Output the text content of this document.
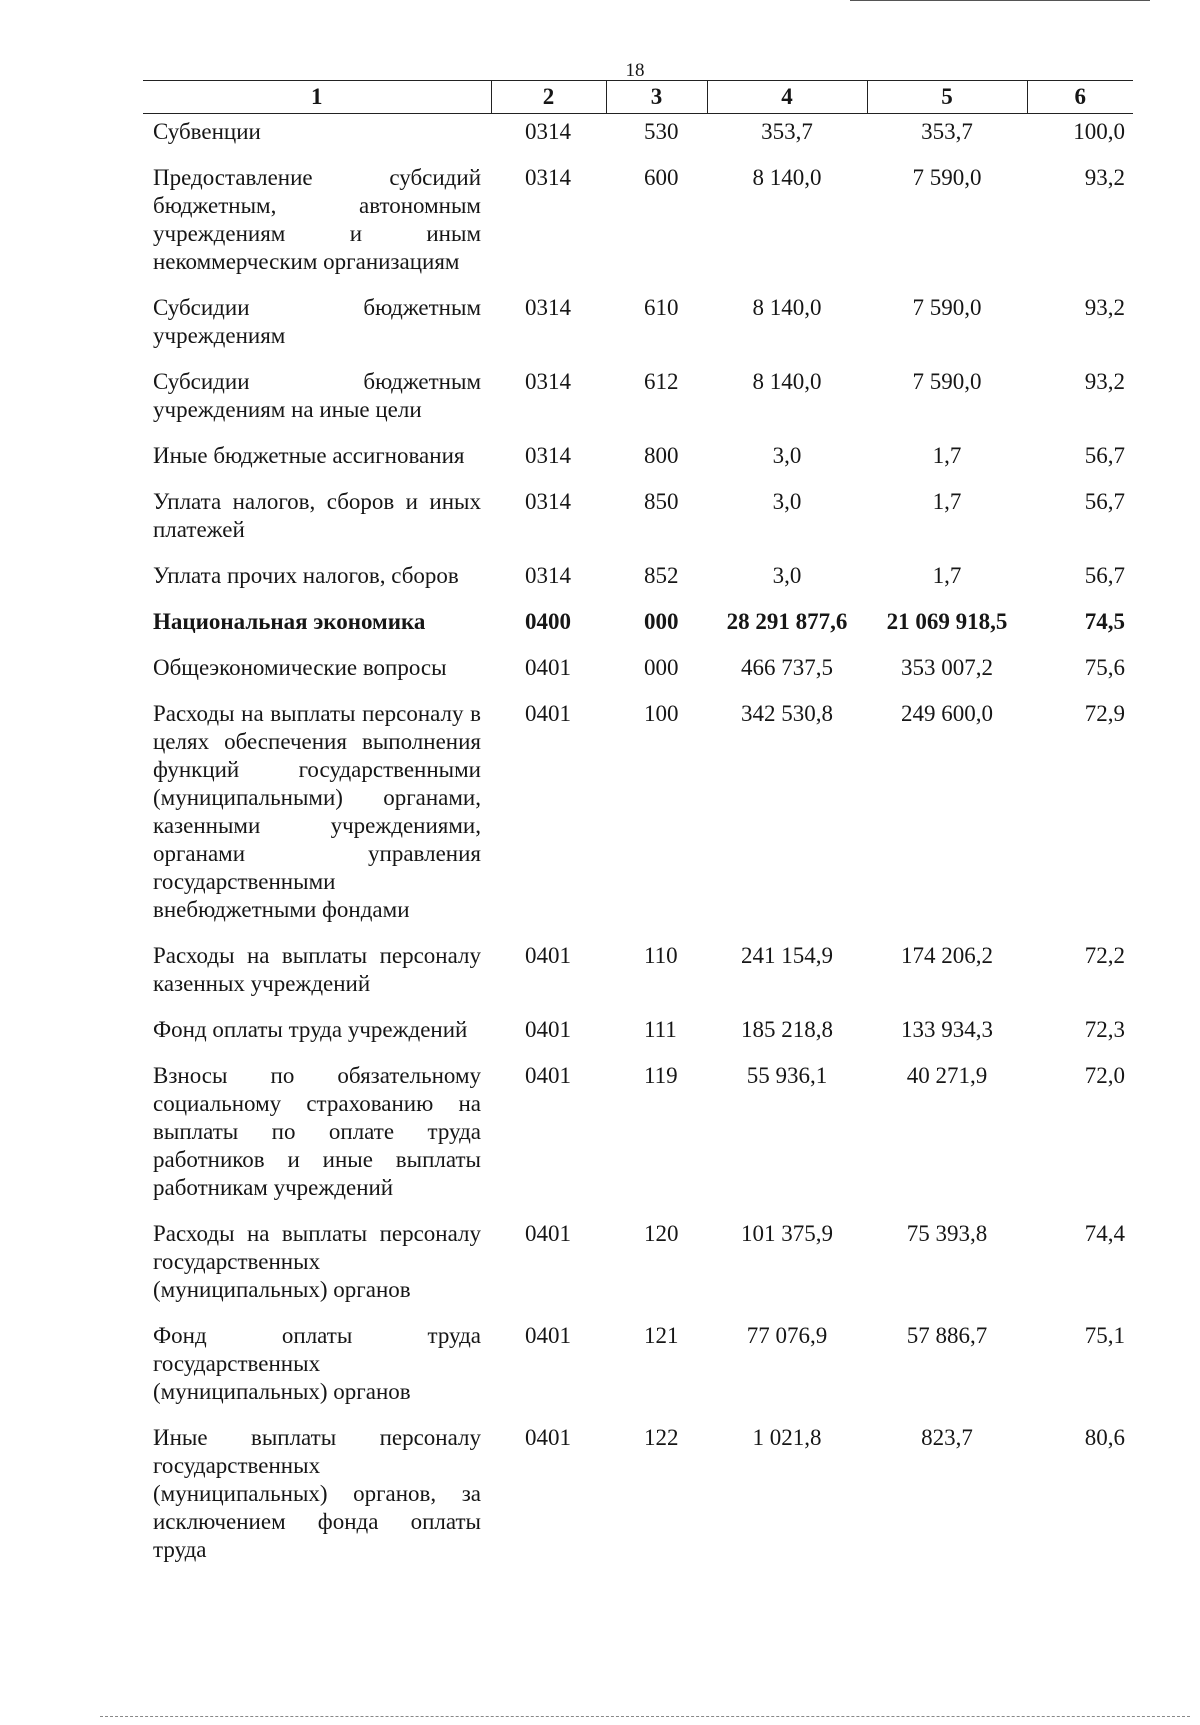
18
1	2	3	4	5	6
Субвенции	0314	530	353,7	353,7	100,0
Предоставление субсидий бюджетным, автономным учреждениям и иным некоммерческим организациям	0314	600	8 140,0	7 590,0	93,2
Субсидии бюджетным учреждениям	0314	610	8 140,0	7 590,0	93,2
Субсидии бюджетным учреждениям на иные цели	0314	612	8 140,0	7 590,0	93,2
Иные бюджетные ассигнования	0314	800	3,0	1,7	56,7
Уплата налогов, сборов и иных платежей	0314	850	3,0	1,7	56,7
Уплата прочих налогов, сборов	0314	852	3,0	1,7	56,7
Национальная экономика	0400	000	28 291 877,6	21 069 918,5	74,5
Общеэкономические вопросы	0401	000	466 737,5	353 007,2	75,6
Расходы на выплаты персоналу в целях обеспечения выполнения функций государственными (муниципальными) органами, казенными учреждениями, органами управления государственными внебюджетными фондами	0401	100	342 530,8	249 600,0	72,9
Расходы на выплаты персоналу казенных учреждений	0401	110	241 154,9	174 206,2	72,2
Фонд оплаты труда учреждений	0401	111	185 218,8	133 934,3	72,3
Взносы по обязательному социальному страхованию на выплаты по оплате труда работников и иные выплаты работникам учреждений	0401	119	55 936,1	40 271,9	72,0
Расходы на выплаты персоналу государственных (муниципальных) органов	0401	120	101 375,9	75 393,8	74,4
Фонд оплаты труда государственных (муниципальных) органов	0401	121	77 076,9	57 886,7	75,1
Иные выплаты персоналу государственных (муниципальных) органов, за исключением фонда оплаты труда	0401	122	1 021,8	823,7	80,6
